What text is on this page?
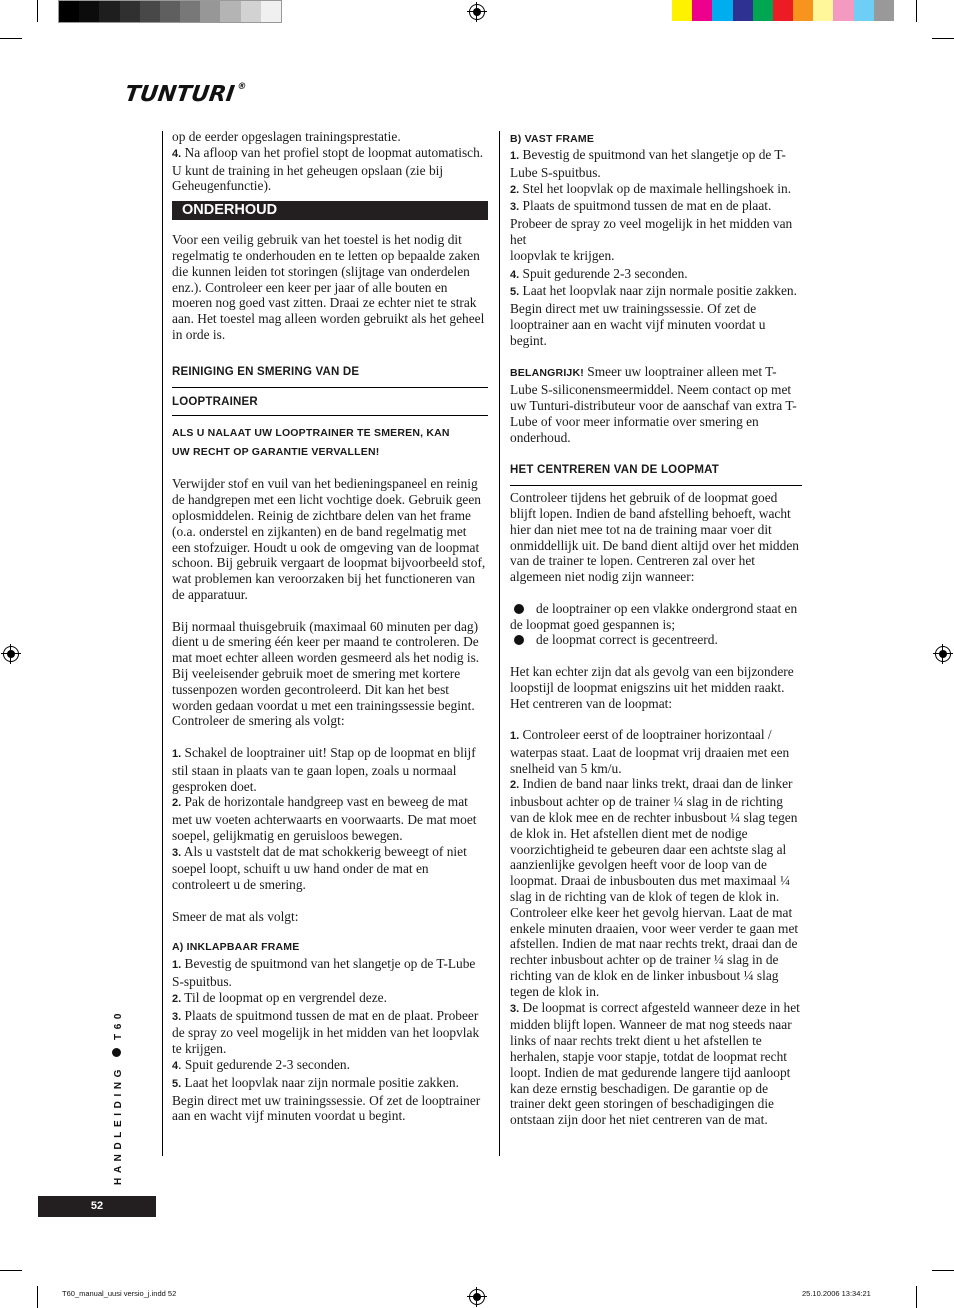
TUNTURI®

op de eerder opgeslagen trainingsprestatie.

4. Na afloop van het profiel stopt de loopmat automatisch. U kunt de training in het geheugen opslaan (zie bij Geheugenfunctie).

ONDERHOUD

Voor een veilig gebruik van het toestel is het nodig dit regelmatig te onderhouden en te letten op bepaalde zaken die kunnen leiden tot storingen (slijtage van onderdelen enz.). Controleer een keer per jaar of alle bouten en moeren nog goed vast zitten. Draai ze echter niet te strak aan. Het toestel mag alleen worden gebruikt als het geheel in orde is.

REINIGING EN SMERING VAN DE
LOOPTRAINER
ALS U NALAAT UW LOOPTRAINER TE SMEREN, KAN
UW RECHT OP GARANTIE VERVALLEN!

Verwijder stof en vuil van het bedieningspaneel en reinig de handgrepen met een licht vochtige doek. Gebruik geen oplosmiddelen. Reinig de zichtbare delen van het frame (o.a. onderstel en zijkanten) en de band regelmatig met een stofzuiger. Houdt u ook de omgeving van de loopmat schoon. Bij gebruik vergaart de loopmat bijvoorbeeld stof, wat problemen kan veroorzaken bij het functioneren van de apparatuur.

Bij normaal thuisgebruik (maximaal 60 minuten per dag) dient u de smering één keer per maand te controleren. De mat moet echter alleen worden gesmeerd als het nodig is. Bij veeleisender gebruik moet de smering met kortere tussenpozen worden gecontroleerd. Dit kan het best worden gedaan voordat u met een trainingssessie begint. Controleer de smering als volgt:

1. Schakel de looptrainer uit! Stap op de loopmat en blijf stil staan in plaats van te gaan lopen, zoals u normaal gesproken doet.

2. Pak de horizontale handgreep vast en beweeg de mat met uw voeten achterwaarts en voorwaarts. De mat moet soepel, gelijkmatig en geruisloos bewegen.

3. Als u vaststelt dat de mat schokkerig beweegt of niet soepel loopt, schuift u uw hand onder de mat en controleert u de smering.

Smeer de mat als volgt:

A) INKLAPBAAR FRAME

1. Bevestig de spuitmond van het slangetje op de T-Lube S-spuitbus.

2. Til de loopmat op en vergrendel deze.

3. Plaats de spuitmond tussen de mat en de plaat. Probeer de spray zo veel mogelijk in het midden van het loopvlak te krijgen.

4. Spuit gedurende 2-3 seconden.

5. Laat het loopvlak naar zijn normale positie zakken. Begin direct met uw trainingssessie. Of zet de looptrainer aan en wacht vijf minuten voordat u begint.

B) VAST FRAME

1. Bevestig de spuitmond van het slangetje op de T-Lube S-spuitbus.

2. Stel het loopvlak op de maximale hellingshoek in.

3. Plaats de spuitmond tussen de mat en de plaat. Probeer de spray zo veel mogelijk in het midden van het

loopvlak te krijgen.

4. Spuit gedurende 2-3 seconden.

5. Laat het loopvlak naar zijn normale positie zakken. Begin direct met uw trainingssessie. Of zet de looptrainer aan en wacht vijf minuten voordat u begint.

BELANGRIJK! Smeer uw looptrainer alleen met T-Lube S-siliconensmeermiddel. Neem contact op met uw Tunturi-distributeur voor de aanschaf van extra T-Lube of voor meer informatie over smering en onderhoud.

HET CENTREREN VAN DE LOOPMAT

Controleer tijdens het gebruik of de loopmat goed blijft lopen. Indien de band afstelling behoeft, wacht hier dan niet mee tot na de training maar voer dit onmiddellijk uit. De band dient altijd over het midden van de trainer te lopen. Centreren zal over het algemeen niet nodig zijn wanneer:

de looptrainer op een vlakke ondergrond staat en de loopmat goed gespannen is;

de loopmat correct is gecentreerd.

Het kan echter zijn dat als gevolg van een bijzondere loopstijl de loopmat enigszins uit het midden raakt. Het centreren van de loopmat:

1. Controleer eerst of de looptrainer horizontaal / waterpas staat. Laat de loopmat vrij draaien met een snelheid van 5 km/u.

2. Indien de band naar links trekt, draai dan de linker inbusbout achter op de trainer ¼ slag in de richting van de klok mee en de rechter inbusbout ¼ slag tegen de klok in. Het afstellen dient met de nodige voorzichtigheid te gebeuren daar een achtste slag al aanzienlijke gevolgen heeft voor de loop van de loopmat. Draai de inbusbouten dus met maximaal ¼ slag in de richting van de klok of tegen de klok in. Controleer elke keer het gevolg hiervan. Laat de mat enkele minuten draaien, voor weer verder te gaan met afstellen. Indien de mat naar rechts trekt, draai dan de rechter inbusbout achter op de trainer ¼ slag in de richting van de klok en de linker inbusbout ¼ slag tegen de klok in.

3. De loopmat is correct afgesteld wanneer deze in het midden blijft lopen. Wanneer de mat nog steeds naar links of naar rechts trekt dient u het afstellen te herhalen, stapje voor stapje, totdat de loopmat recht loopt. Indien de mat gedurende langere tijd aanloopt kan deze ernstig beschadigen. De garantie op de trainer dekt geen storingen of beschadigingen die ontstaan zijn door het niet centreren van de mat.

HANDLEIDINGT60
52
T60_manual_uusi versio_j.indd 52	25.10.2006 13:34:21
